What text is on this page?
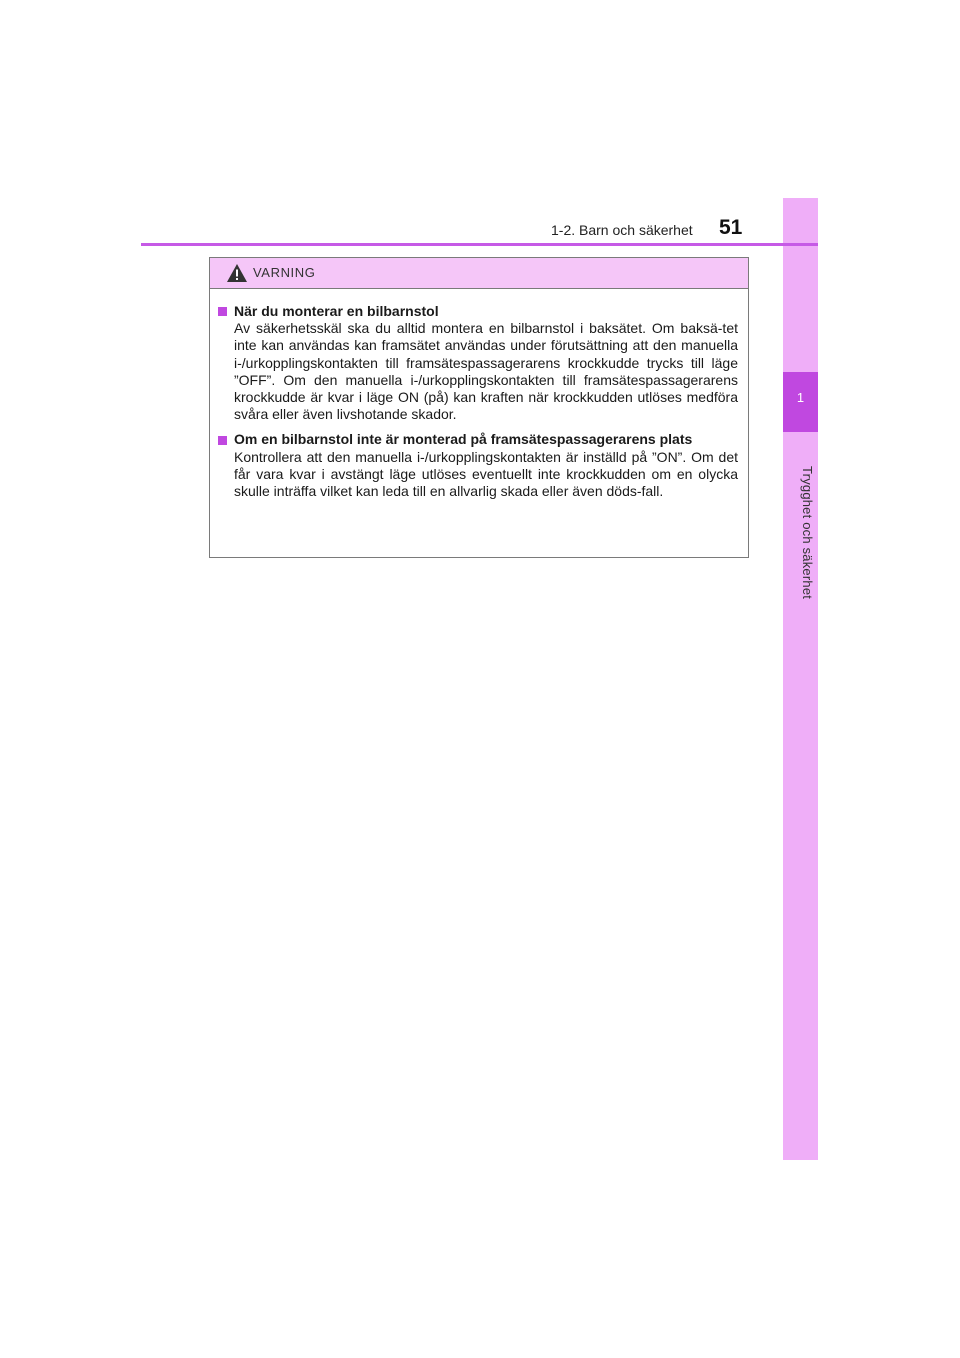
1
Trygghet och säkerhet
1-2. Barn och säkerhet 51
VARNING
När du monterar en bilbarnstol
Av säkerhetsskäl ska du alltid montera en bilbarnstol i baksätet. Om baksä-tet inte kan användas kan framsätet användas under förutsättning att den manuella i-/urkopplingskontakten till framsätespassagerarens krockkudde trycks till läge ”OFF”. Om den manuella i-/urkopplingskontakten till framsätespassagerarens krockkudde är kvar i läge ON (på) kan kraften när krockkudden utlöses medföra svåra eller även livshotande skador.
Om en bilbarnstol inte är monterad på framsätespassagerarens plats
Kontrollera att den manuella i-/urkopplingskontakten är inställd på ”ON”. Om det får vara kvar i avstängt läge utlöses eventuellt inte krockkudden om en olycka skulle inträffa vilket kan leda till en allvarlig skada eller även döds-fall.
